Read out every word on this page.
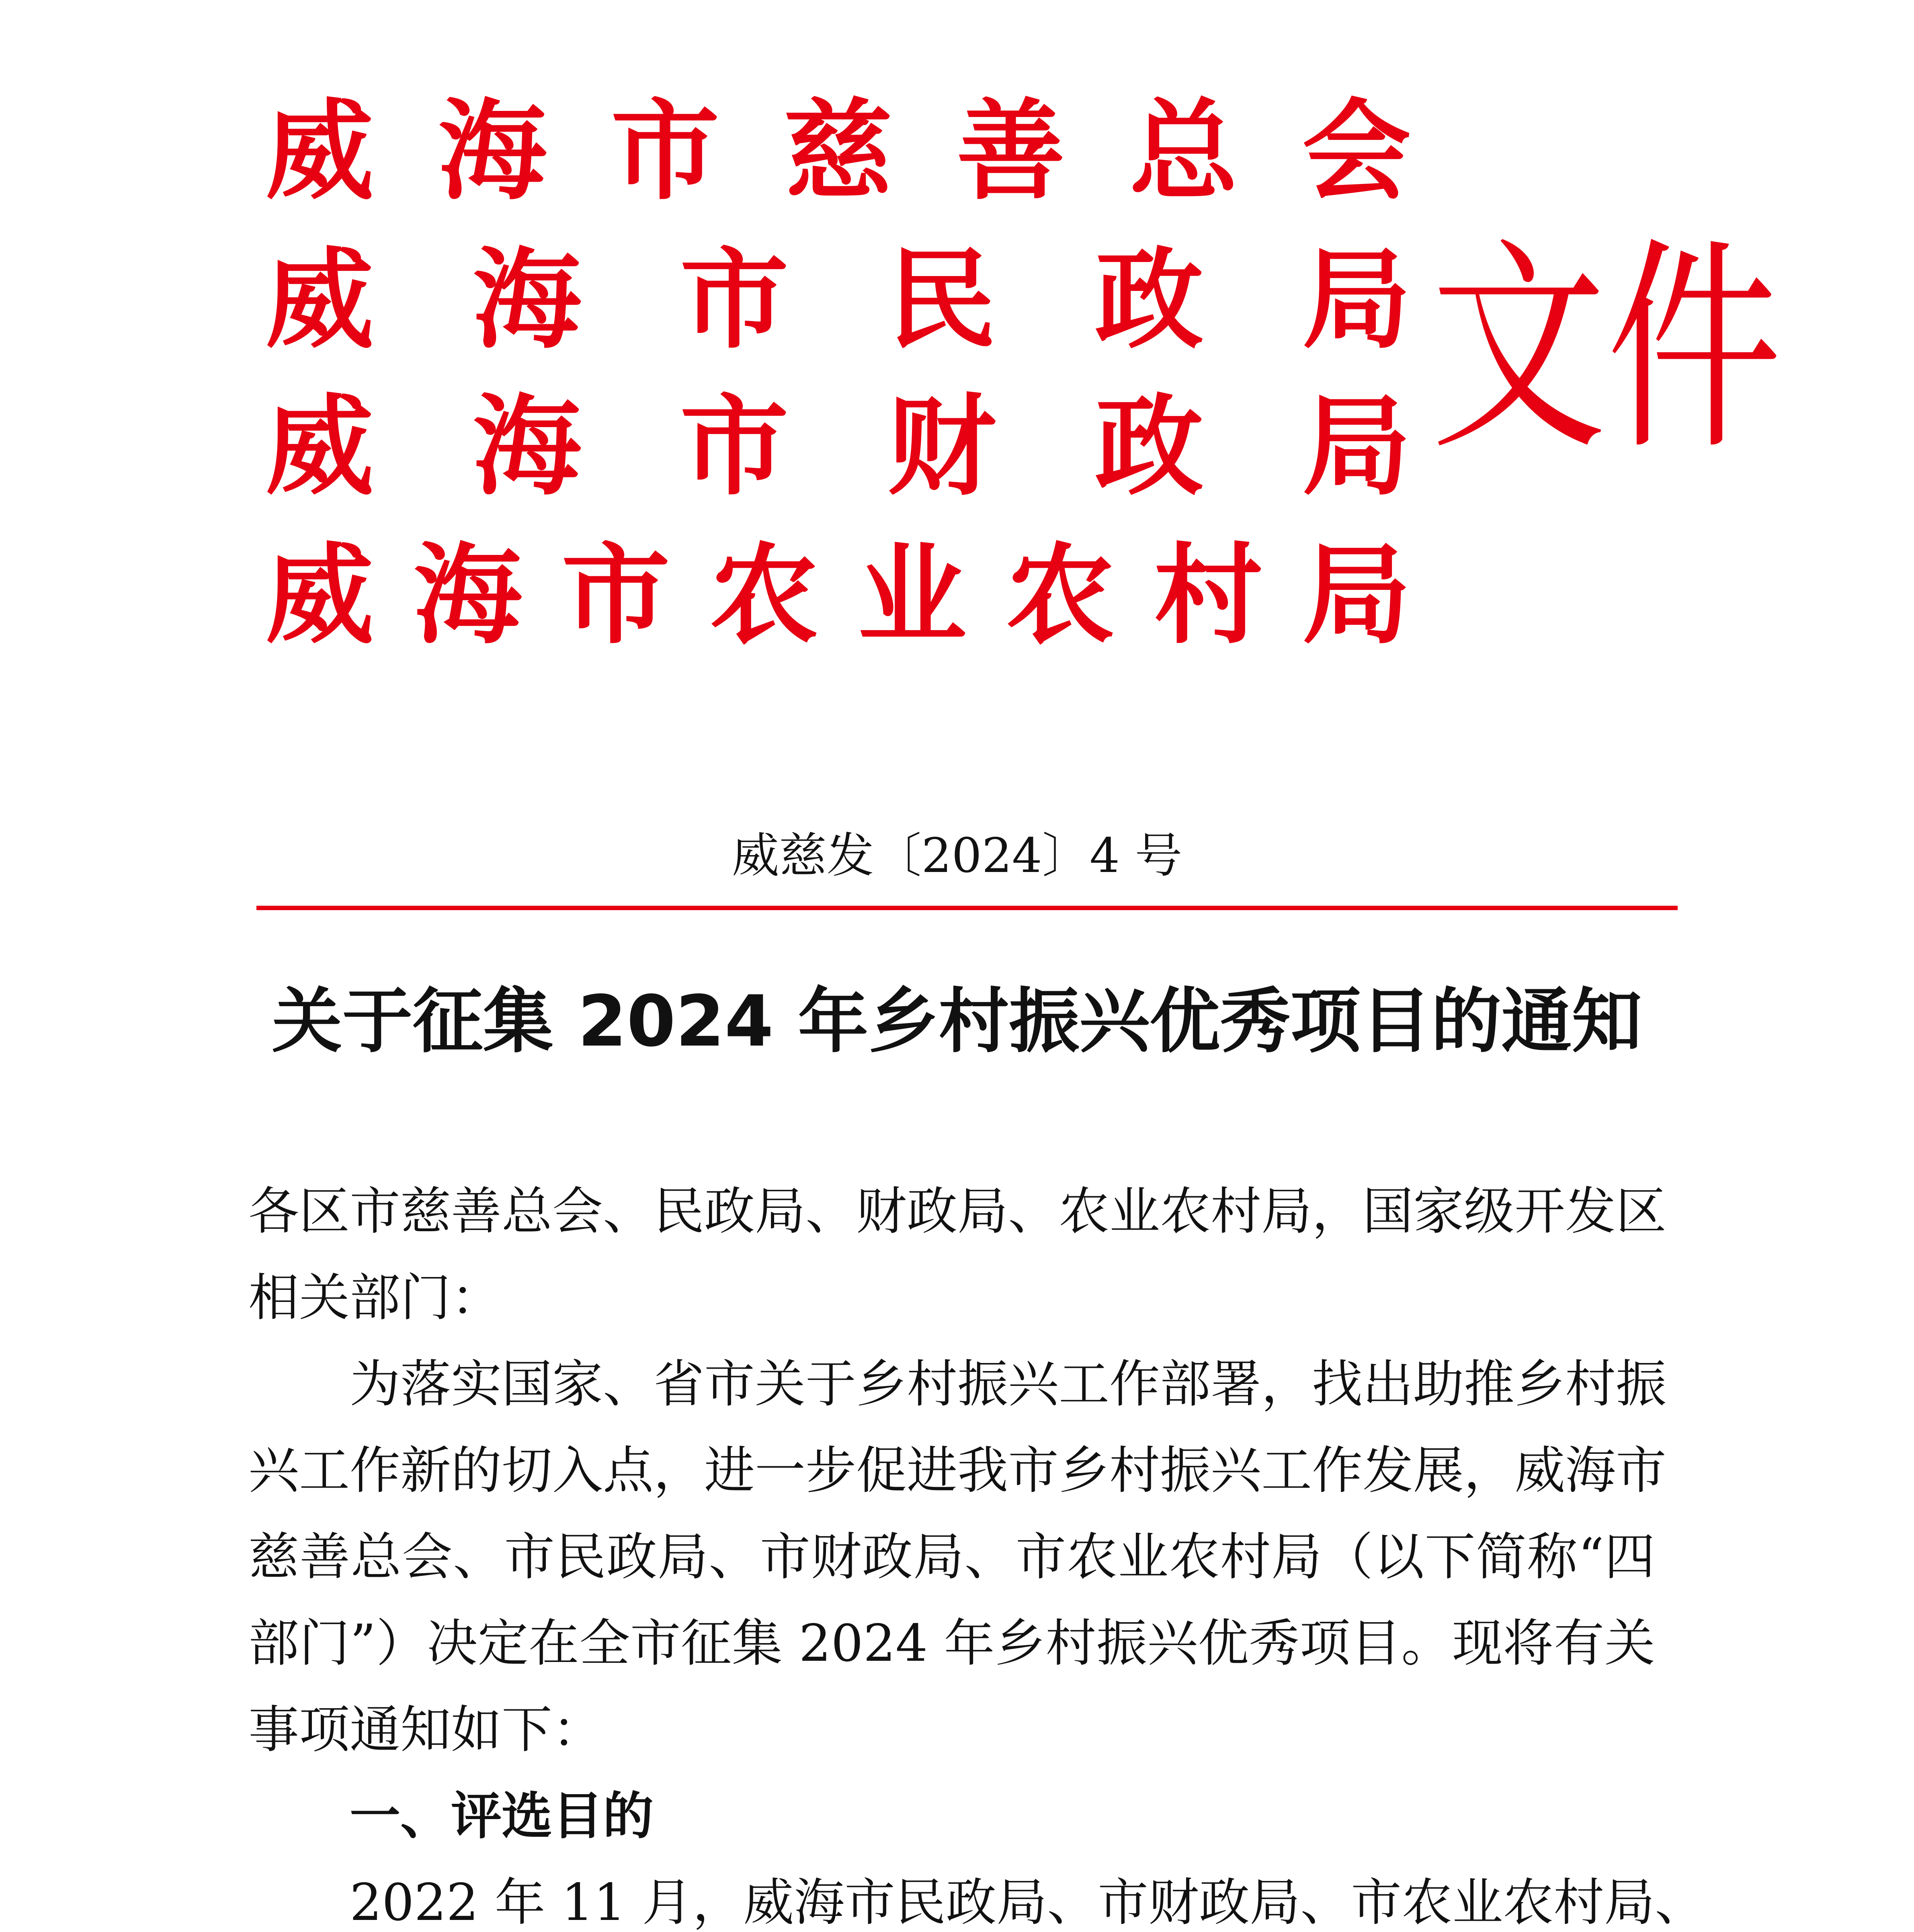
威 海 市 慈 善 总 会
威 海 市 民 政 局
威 海 市 财 政 局
威 海 市 农 业 农 村 局
文件
威慈发〔2024〕4 号
关于征集 2024 年乡村振兴优秀项目的通知
各区市慈善总会、民政局、财政局、农业农村局，国家级开发区
相关部门：
为落实国家、省市关于乡村振兴工作部署，找出助推乡村振
兴工作新的切入点，进一步促进我市乡村振兴工作发展，威海市
慈善总会、市民政局、市财政局、市农业农村局（以下简称“四
部门”）决定在全市征集 2024 年乡村振兴优秀项目。现将有关
事项通知如下：
一、评选目的
2022 年 11 月，威海市民政局、市财政局、市农业农村局、
